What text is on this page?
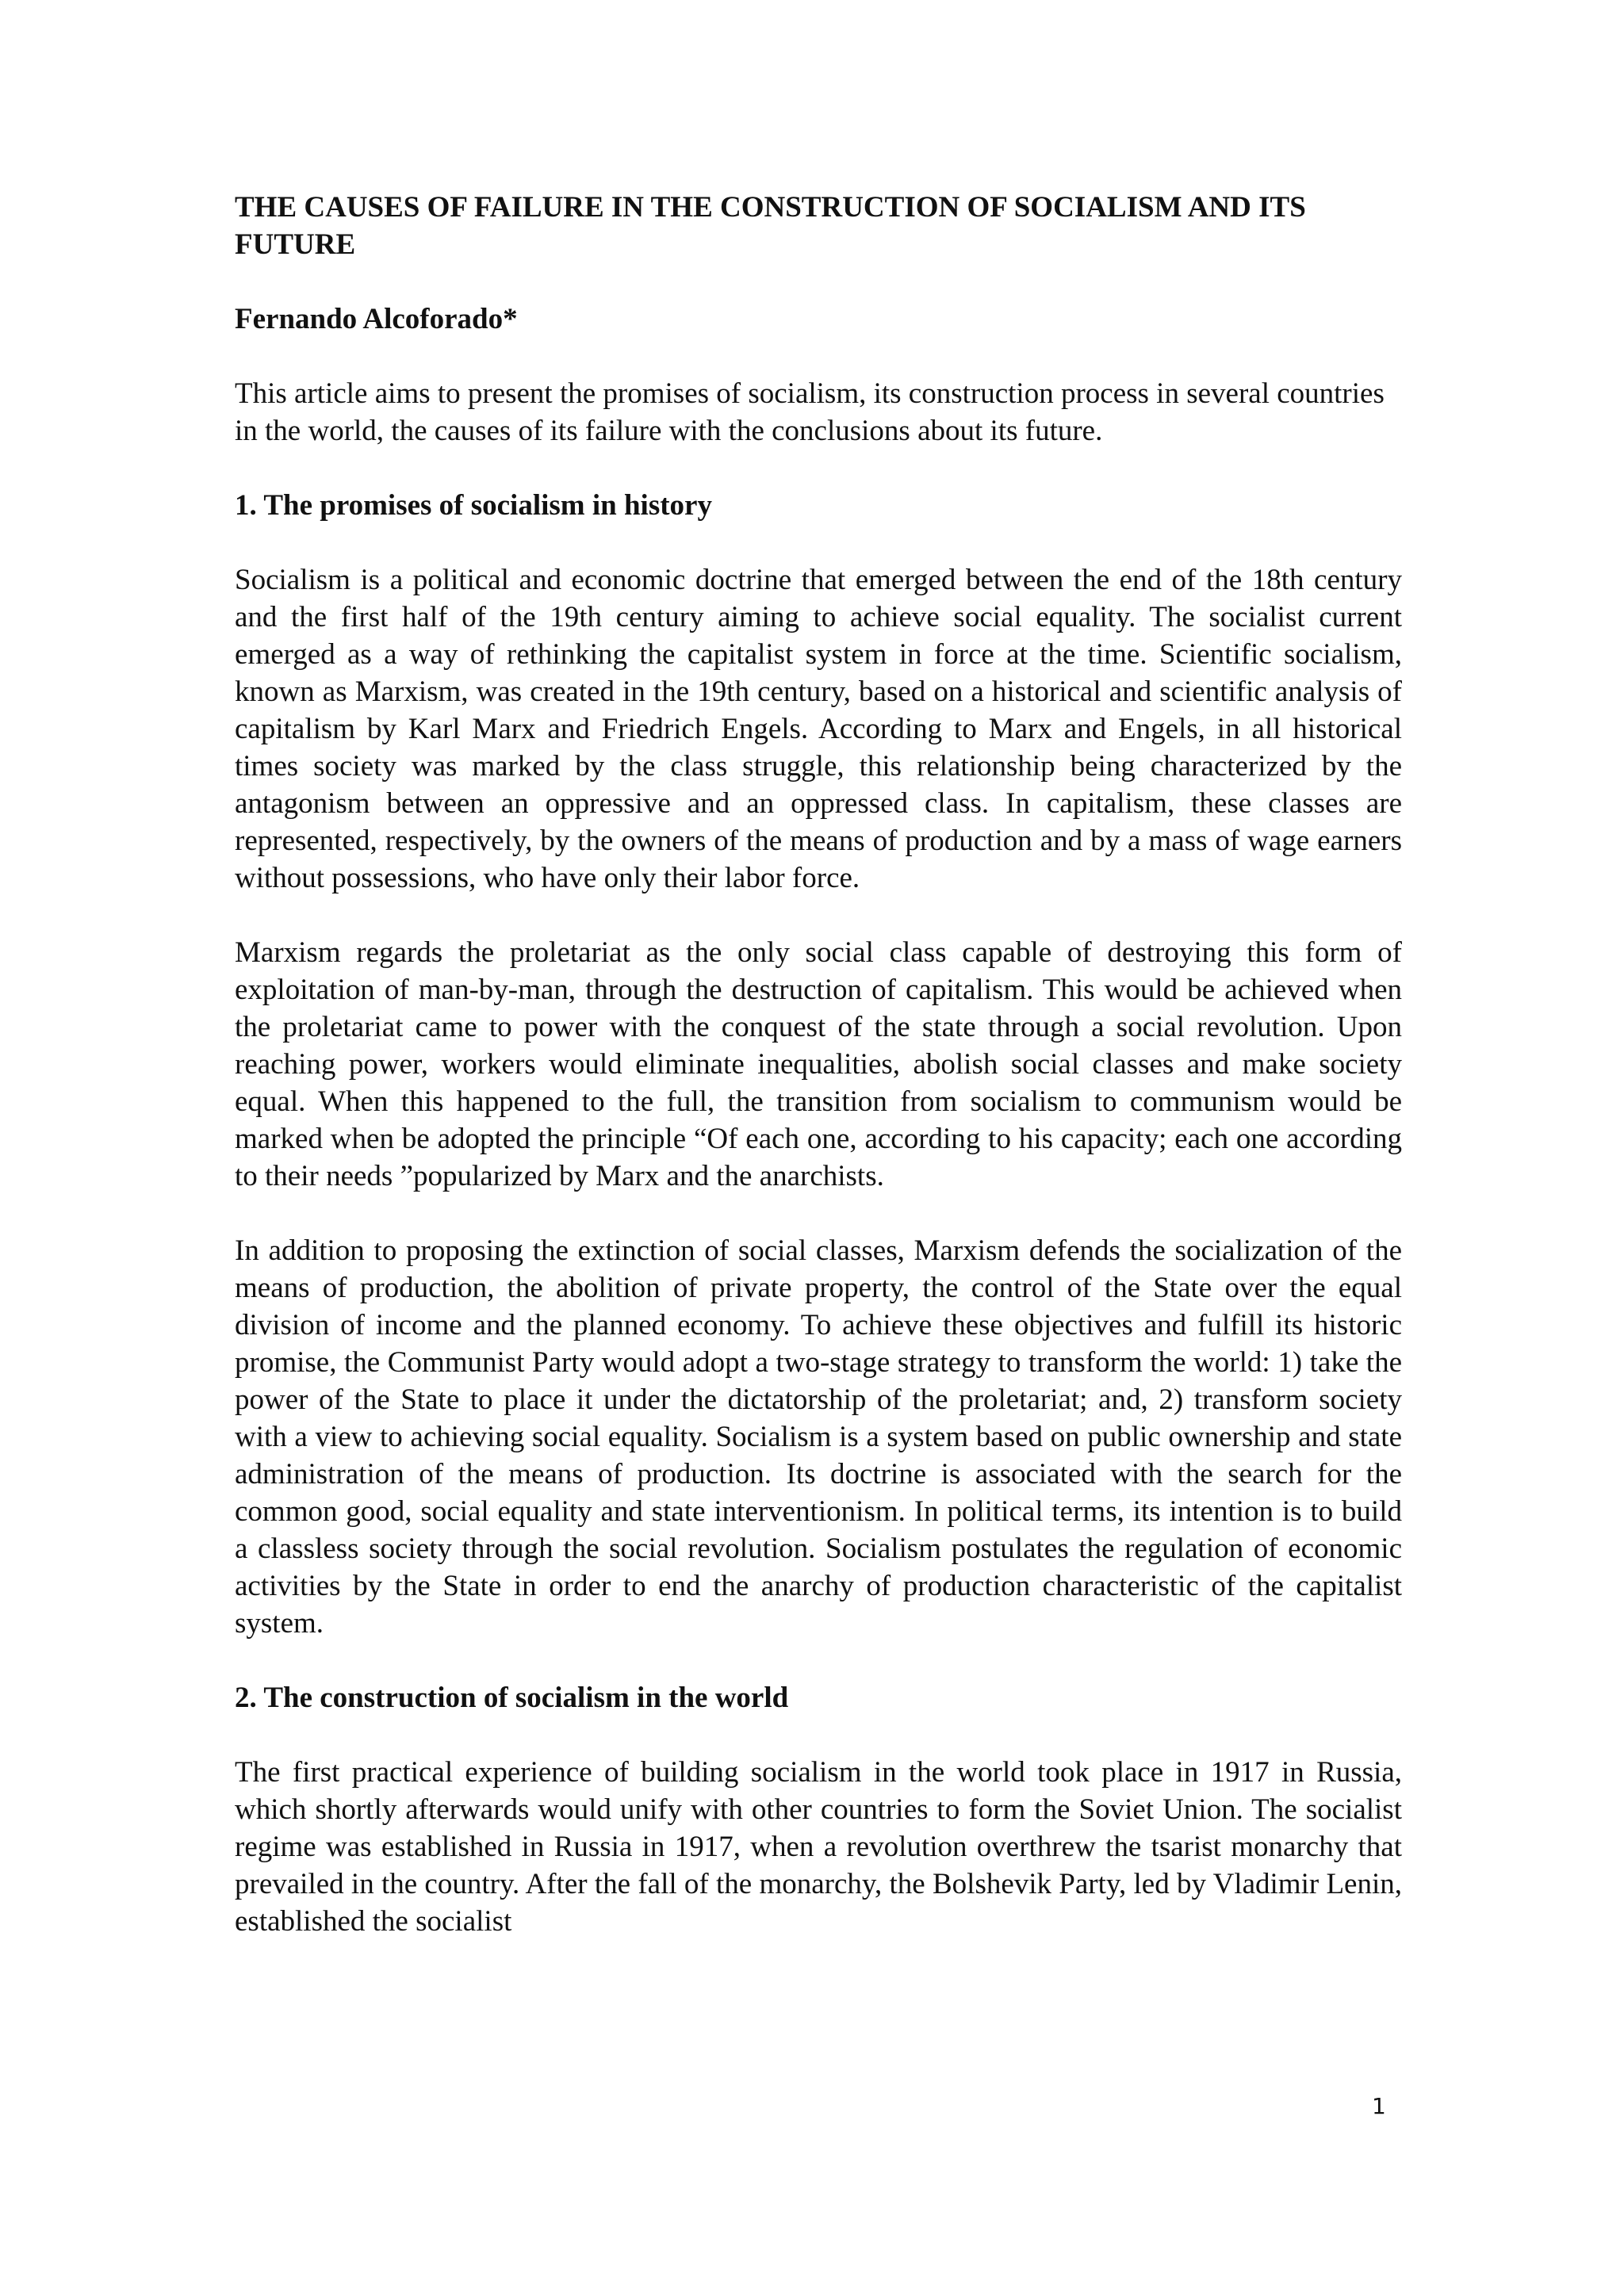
THE CAUSES OF FAILURE IN THE CONSTRUCTION OF SOCIALISM AND ITS FUTURE
Fernando Alcoforado*
This article aims to present the promises of socialism, its construction process in several countries in the world, the causes of its failure with the conclusions about its future.
1. The promises of socialism in history
Socialism is a political and economic doctrine that emerged between the end of the 18th century and the first half of the 19th century aiming to achieve social equality. The socialist current emerged as a way of rethinking the capitalist system in force at the time. Scientific socialism, known as Marxism, was created in the 19th century, based on a historical and scientific analysis of capitalism by Karl Marx and Friedrich Engels. According to Marx and Engels, in all historical times society was marked by the class struggle, this relationship being characterized by the antagonism between an oppressive and an oppressed class. In capitalism, these classes are represented, respectively, by the owners of the means of production and by a mass of wage earners without possessions, who have only their labor force.
Marxism regards the proletariat as the only social class capable of destroying this form of exploitation of man-by-man, through the destruction of capitalism. This would be achieved when the proletariat came to power with the conquest of the state through a social revolution. Upon reaching power, workers would eliminate inequalities, abolish social classes and make society equal. When this happened to the full, the transition from socialism to communism would be marked when be adopted the principle “Of each one, according to his capacity; each one according to their needs ”popularized by Marx and the anarchists.
In addition to proposing the extinction of social classes, Marxism defends the socialization of the means of production, the abolition of private property, the control of the State over the equal division of income and the planned economy. To achieve these objectives and fulfill its historic promise, the Communist Party would adopt a two-stage strategy to transform the world: 1) take the power of the State to place it under the dictatorship of the proletariat; and, 2) transform society with a view to achieving social equality. Socialism is a system based on public ownership and state administration of the means of production. Its doctrine is associated with the search for the common good, social equality and state interventionism. In political terms, its intention is to build a classless society through the social revolution. Socialism postulates the regulation of economic activities by the State in order to end the anarchy of production characteristic of the capitalist system.
2. The construction of socialism in the world
The first practical experience of building socialism in the world took place in 1917 in Russia, which shortly afterwards would unify with other countries to form the Soviet Union. The socialist regime was established in Russia in 1917, when a revolution overthrew the tsarist monarchy that prevailed in the country. After the fall of the monarchy, the Bolshevik Party, led by Vladimir Lenin, established the socialist
1
